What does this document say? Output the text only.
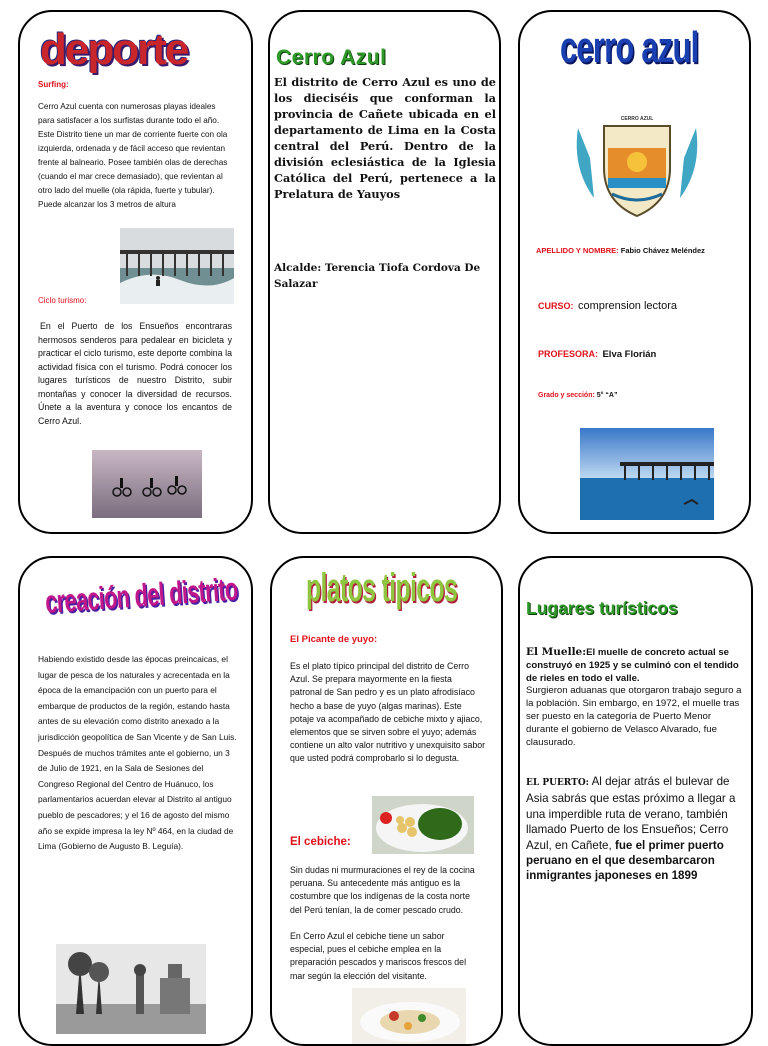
deporte
Surfing:
Cerro Azul cuenta con numerosas playas ideales para satisfacer a los surfistas durante todo el año. Este Distrito tiene un mar de corriente fuerte con ola izquierda, ordenada y de fácil acceso que revientan frente al balneario. Posee también olas de derechas (cuando el mar crece demasiado), que revientan al otro lado del muelle (ola rápida, fuerte y tubular). Puede alcanzar los 3 metros de altura
Ciclo turismo:
En el Puerto de los Ensueños encontraras hermosos senderos para pedalear en bicicleta y practicar el ciclo turismo, este deporte combina la actividad física con el turismo. Podrá conocer los lugares turísticos de nuestro Distrito, subir montañas y conocer la diversidad de recursos. Únete a la aventura y conoce los encantos de Cerro Azul.
Cerro Azul
El distrito de Cerro Azul es uno de los dieciséis que conforman la provincia de Cañete ubicada en el departamento de Lima en la Costa central del Perú. Dentro de la división eclesiástica de la Iglesia Católica del Perú, pertenece a la Prelatura de Yauyos
Alcalde: Terencia Tiofa Cordova De Salazar
cerro azul
CERRO AZUL
APELLIDO Y NOMBRE: Fabio Chávez Meléndez
CURSO: comprension lectora
PROFESORA: Elva Florián
Grado y sección: 5° “A”
creación del distrito
Habiendo existido desde las épocas preincaicas, el lugar de pesca de los naturales y acrecentada en la época de la emancipación con un puerto para el embarque de productos de la región, estando hasta antes de su elevación como distrito anexado a la jurisdicción geopolítica de San Vicente y de San Luis. Después de muchos trámites ante el gobierno, un 3 de Julio de 1921, en la Sala de Sesiones del Congreso Regional del Centro de Huánuco, los parlamentarios acuerdan elevar al Distrito al antiguo pueblo de pescadores; y el 16 de agosto del mismo año se expide impresa la ley Nº 464, en la ciudad de Lima (Gobierno de Augusto B. Leguía).
platos tipicos
El Picante de yuyo:
Es el plato típico principal del distrito de Cerro Azul. Se prepara mayormente en la fiesta patronal de San pedro y es un plato afrodisíaco hecho a base de yuyo (algas marinas). Este potaje va acompañado de cebiche mixto y ajiaco, elementos que se sirven sobre el yuyo; además contiene un alto valor nutritivo y unexquisito sabor que usted podrá comprobarlo si lo degusta.
El cebiche:
Sin dudas ni murmuraciones el rey de la cocina peruana. Su antecedente más antiguo es la costumbre que los indígenas de la costa norte del Perú tenían, la de comer pescado crudo.
En Cerro Azul el cebiche tiene un sabor especial, pues el cebiche emplea en la preparación pescados y mariscos frescos del mar según la elección del visitante.
Lugares turísticos
El Muelle:El muelle de concreto actual se construyó en 1925 y se culminó con el tendido de rieles en todo el valle.
Surgieron aduanas que otorgaron trabajo seguro a la población. Sin embargo, en 1972, el muelle tras ser puesto en la categoría de Puerto Menor durante el gobierno de Velasco Alvarado, fue clausurado.
EL PUERTO: Al dejar atrás el bulevar de Asia sabrás que estas próximo a llegar a una imperdible ruta de verano, también llamado Puerto de los Ensueños; Cerro Azul, en Cañete, fue el primer puerto peruano en el que desembarcaron inmigrantes japoneses en 1899
